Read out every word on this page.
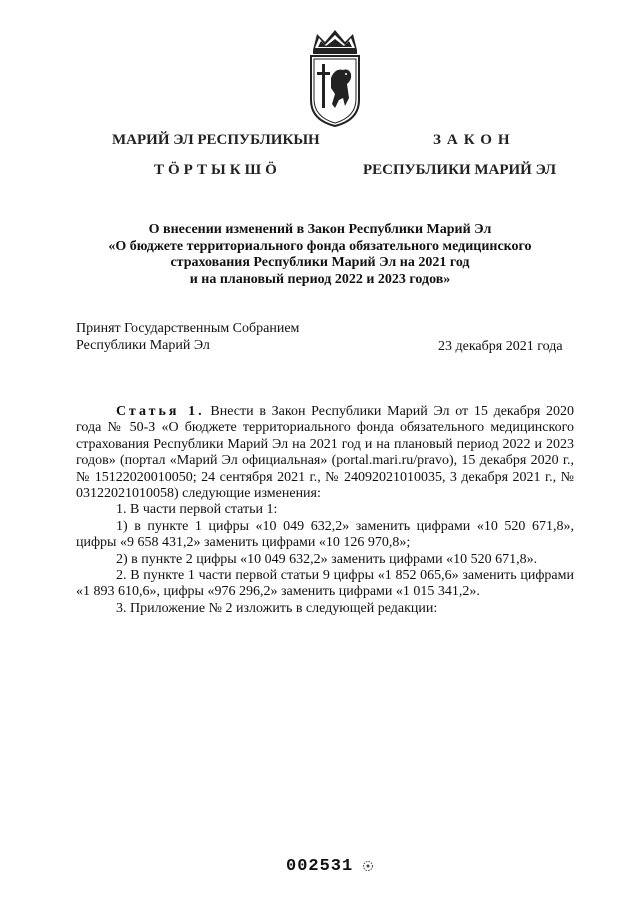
МАРИЙ ЭЛ РЕСПУБЛИКЫН
ТӦРТЫКШӦ
ЗАКОН
РЕСПУБЛИКИ МАРИЙ ЭЛ
О внесении изменений в Закон Республики Марий Эл
«О бюджете территориального фонда обязательного медицинского
страхования Республики Марий Эл на 2021 год
и на плановый период 2022 и 2023 годов»
Принят Государственным Собранием
Республики Марий Эл	23 декабря 2021 года

Статья 1. Внести в Закон Республики Марий Эл от 15 декабря 2020 года № 50-З «О бюджете территориального фонда обязательного медицинского страхования Республики Марий Эл на 2021 год и на плановый период 2022 и 2023 годов» (портал «Марий Эл официальная» (portal.mari.ru/pravo), 15 декабря 2020 г., № 15122020010050; 24 сентября 2021 г., № 24092021010035, 3 декабря 2021 г., № 03122021010058) следующие изменения:

1. В части первой статьи 1:

1) в пункте 1 цифры «10 049 632,2» заменить цифрами «10 520 671,8», цифры «9 658 431,2» заменить цифрами «10 126 970,8»;

2) в пункте 2 цифры «10 049 632,2» заменить цифрами «10 520 671,8».

2. В пункте 1 части первой статьи 9 цифры «1 852 065,6» заменить цифрами «1 893 610,6», цифры «976 296,2» заменить цифрами «1 015 341,2».

3. Приложение № 2 изложить в следующей редакции:

002531
